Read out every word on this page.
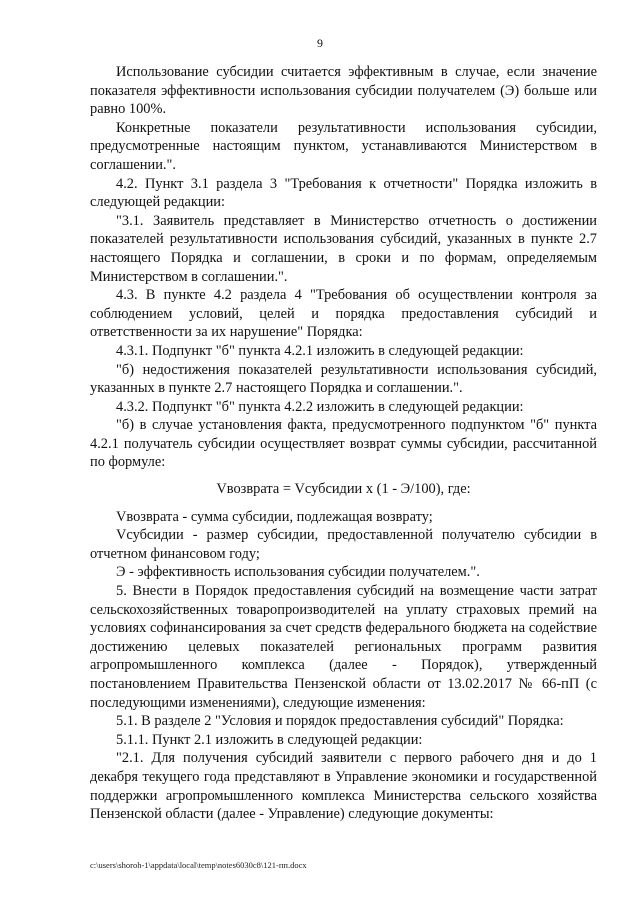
9

Использование субсидии считается эффективным в случае, если значение показателя эффективности использования субсидии получателем (Э) больше или равно 100%.

Конкретные показатели результативности использования субсидии, предусмотренные настоящим пунктом, устанавливаются Министерством в соглашении.".

4.2. Пункт 3.1 раздела 3 "Требования к отчетности" Порядка изложить в следующей редакции:

"3.1. Заявитель представляет в Министерство отчетность о достижении показателей результативности использования субсидий, указанных в пункте 2.7 настоящего Порядка и соглашении, в сроки и по формам, определяемым Министерством в соглашении.".

4.3. В пункте 4.2 раздела 4 "Требования об осуществлении контроля за соблюдением условий, целей и порядка предоставления субсидий и ответственности за их нарушение" Порядка:

4.3.1. Подпункт "б" пункта 4.2.1 изложить в следующей редакции:

"б) недостижения показателей результативности использования субсидий, указанных в пункте 2.7 настоящего Порядка и соглашении.".

4.3.2. Подпункт "б" пункта 4.2.2 изложить в следующей редакции:

"б) в случае установления факта, предусмотренного подпунктом "б" пункта 4.2.1 получатель субсидии осуществляет возврат суммы субсидии, рассчитанной по формуле:

Vвозврата = Vсубсидии x (1 - Э/100), где:

Vвозврата - сумма субсидии, подлежащая возврату;

Vсубсидии - размер субсидии, предоставленной получателю субсидии в отчетном финансовом году;

Э - эффективность использования субсидии получателем.".

5. Внести в Порядок предоставления субсидий на возмещение части затрат сельскохозяйственных товаропроизводителей на уплату страховых премий на условиях софинансирования за счет средств федерального бюджета на содействие достижению целевых показателей региональных программ развития агропромышленного комплекса (далее - Порядок), утвержденный постановлением Правительства Пензенской области от 13.02.2017 № 66-пП (с последующими изменениями), следующие изменения:

5.1. В разделе 2 "Условия и порядок предоставления субсидий" Порядка:

5.1.1. Пункт 2.1 изложить в следующей редакции:

"2.1. Для получения субсидий заявители с первого рабочего дня и до 1 декабря текущего года представляют в Управление экономики и государственной поддержки агропромышленного комплекса Министерства сельского хозяйства Пензенской области (далее - Управление) следующие документы:

c:\users\shoroh-1\appdata\local\temp\notes6030c8\121-пп.docx
